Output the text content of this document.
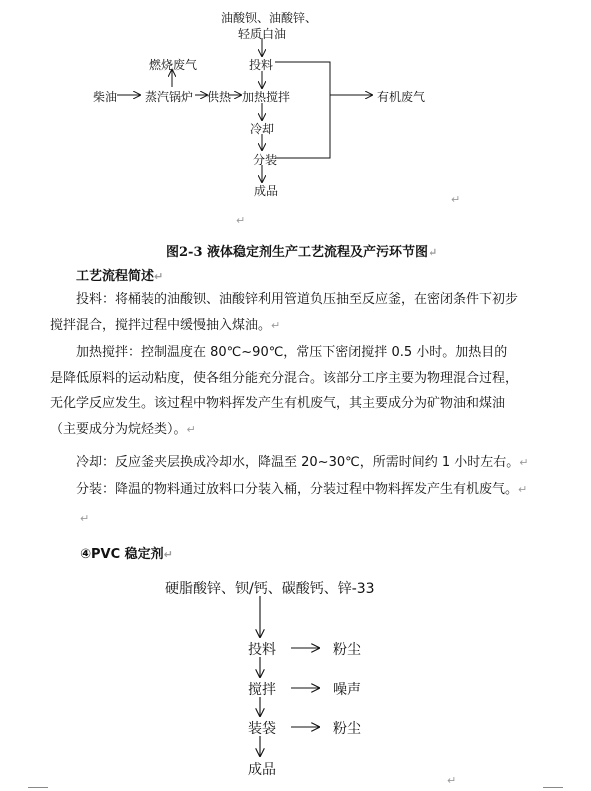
油酸钡、油酸锌、
轻质白油
投料
燃烧废气
柴油 蒸汽锅炉 供热 加热搅拌	有机废气
冷却
分装
成品
↵
↵
图2-3 液体稳定剂生产工艺流程及产污环节图↵
工艺流程简述↵
投料：将桶装的油酸钡、油酸锌利用管道负压抽至反应釜，在密闭条件下初步搅拌混合，搅拌过程中缓慢抽入煤油。↵
加热搅拌：控制温度在 80℃~90℃，常压下密闭搅拌 0.5 小时。加热目的是降低原料的运动粘度，使各组分能充分混合。该部分工序主要为物理混合过程，无化学反应发生。该过程中物料挥发产生有机废气，其主要成分为矿物油和煤油（主要成分为烷烃类）。↵
冷却：反应釜夹层换成冷却水，降温至 20~30℃，所需时间约 1 小时左右。↵
分装：降温的物料通过放料口分装入桶，分装过程中物料挥发产生有机废气。↵
↵
④PVC 稳定剂↵
硬脂酸锌、钡/钙、碳酸钙、锌-33
投料	粉尘
搅拌	噪声
装袋	粉尘
成品
↵
